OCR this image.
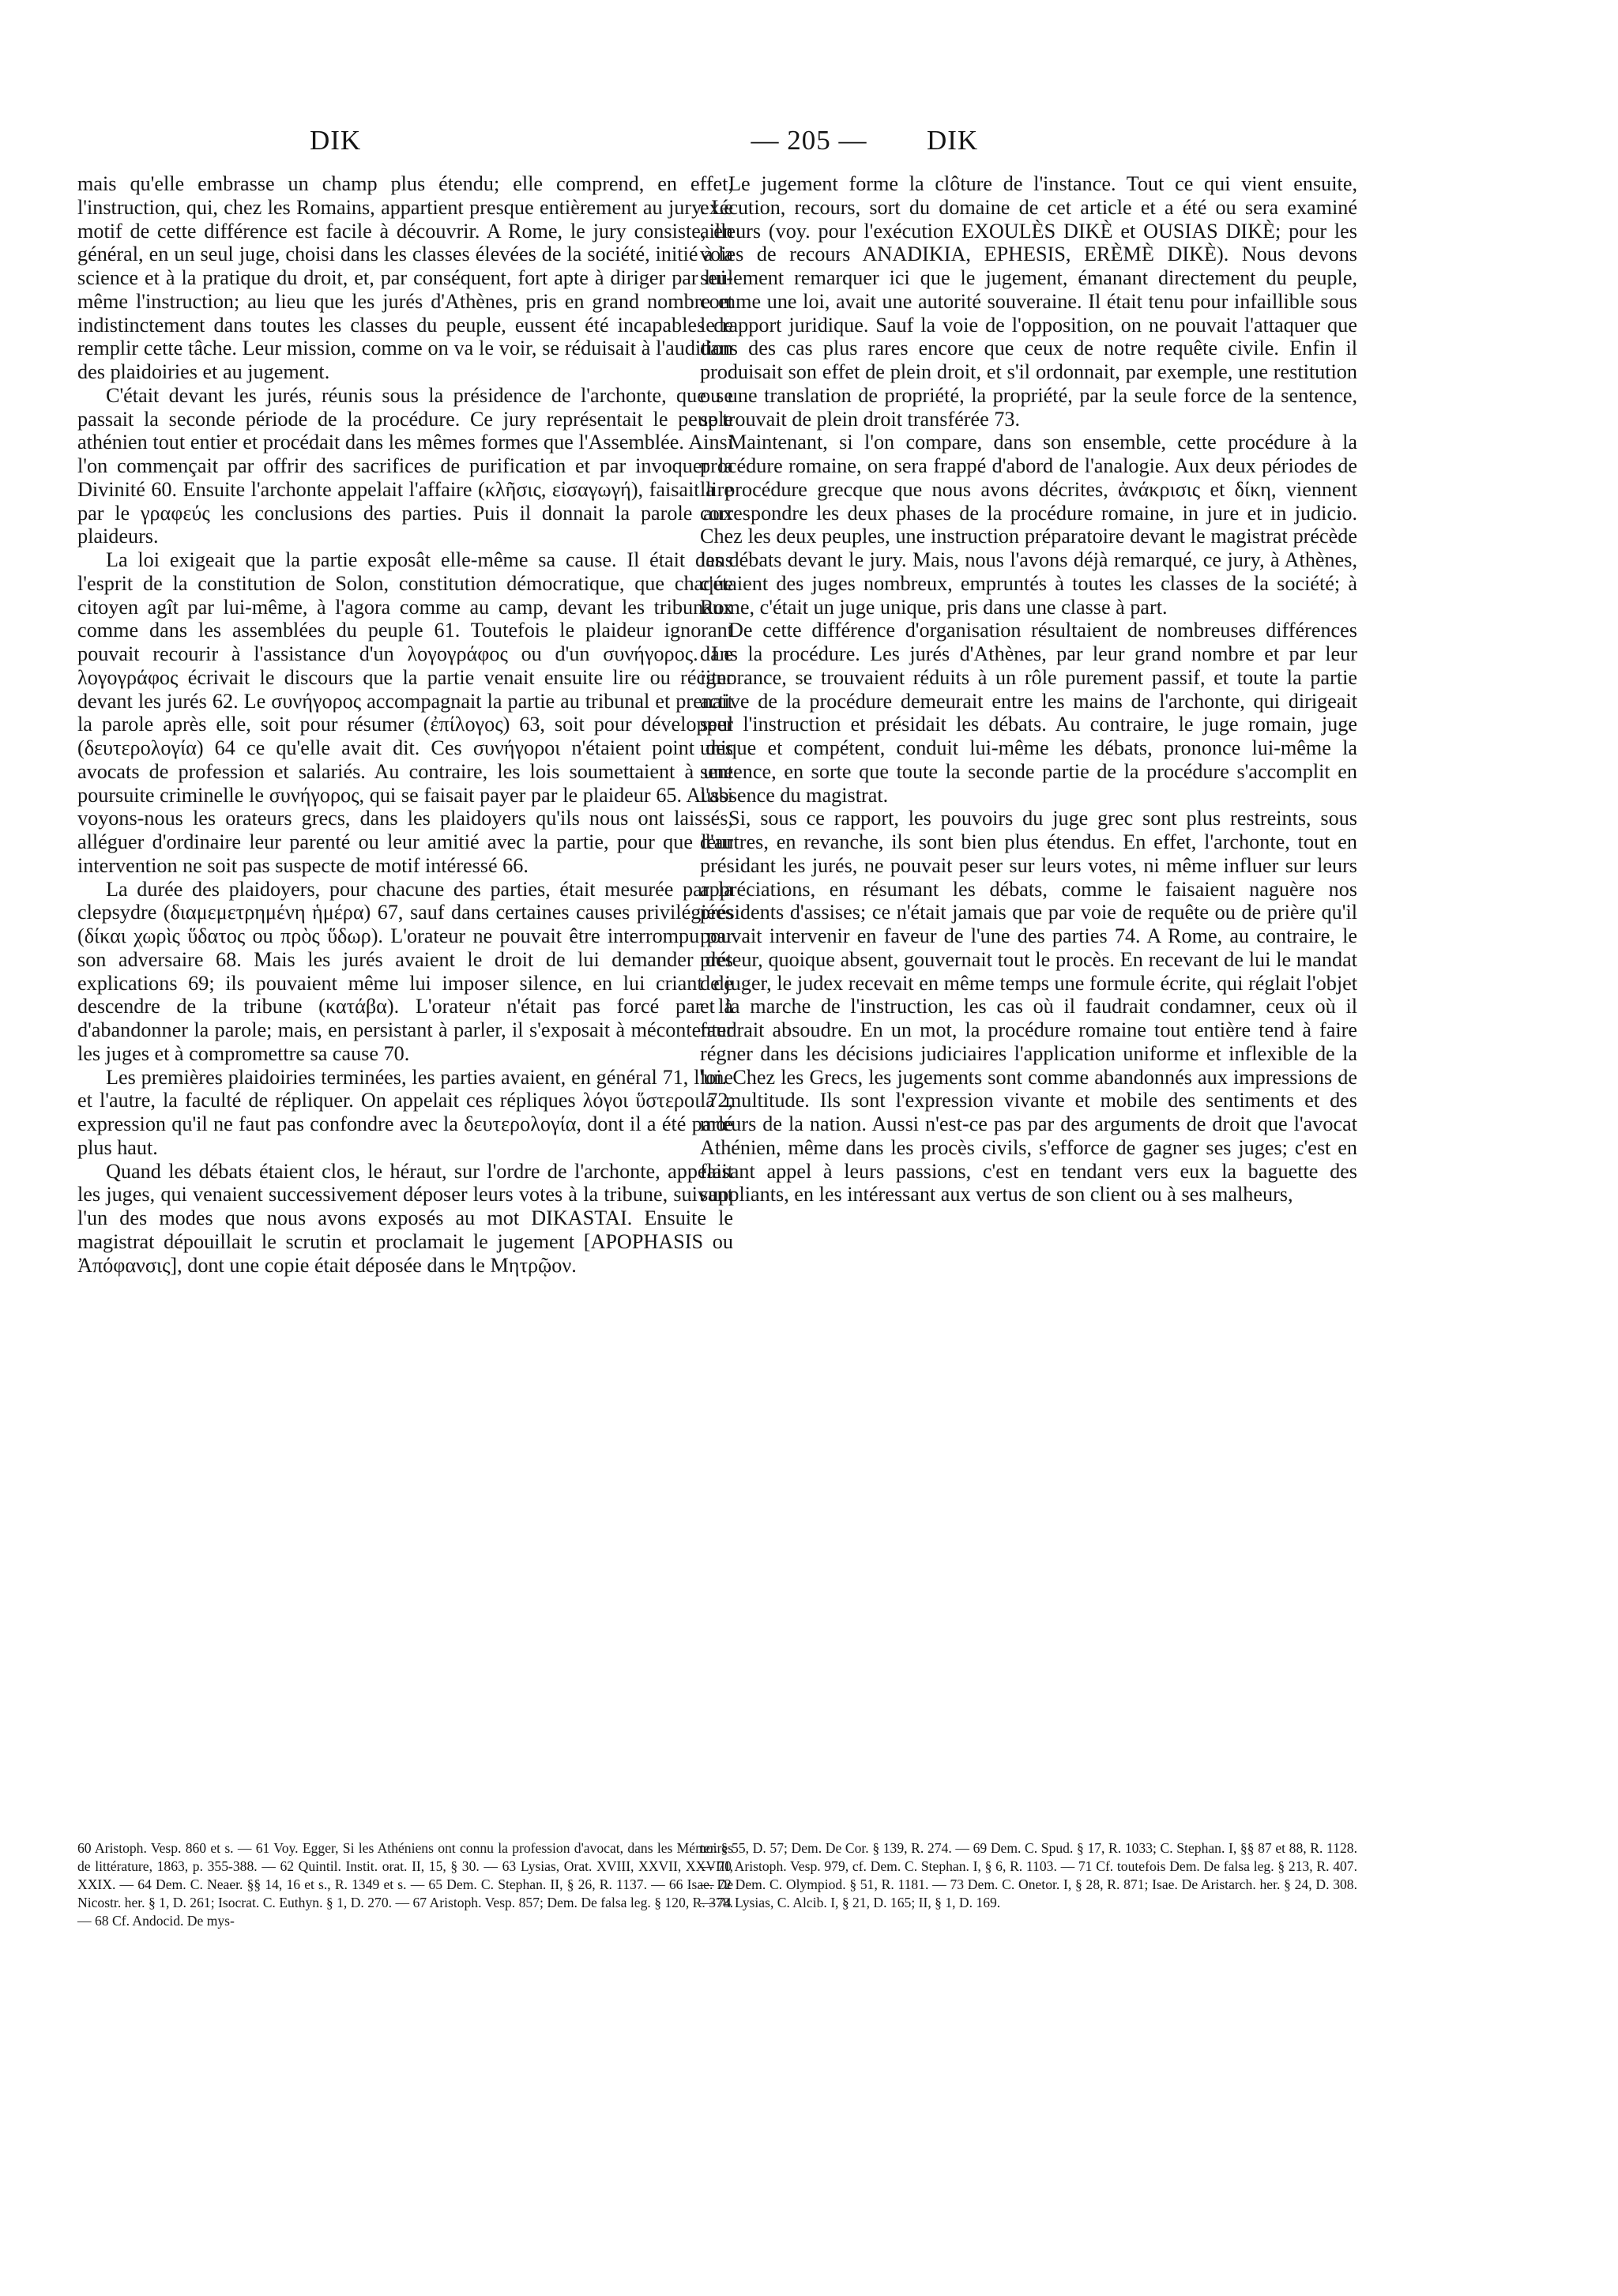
DIK	— 205 —	DIK

mais qu'elle embrasse un champ plus étendu; elle comprend, en effet, l'instruction, qui, chez les Romains, appartient presque entièrement au jury. Le motif de cette différence est facile à découvrir. A Rome, le jury consiste, en général, en un seul juge, choisi dans les classes élevées de la société, initié à la science et à la pratique du droit, et, par conséquent, fort apte à diriger par lui-même l'instruction; au lieu que les jurés d'Athènes, pris en grand nombre et indistinctement dans toutes les classes du peuple, eussent été incapables de remplir cette tâche. Leur mission, comme on va le voir, se réduisait à l'audition des plaidoiries et au jugement.

C'était devant les jurés, réunis sous la présidence de l'archonte, que se passait la seconde période de la procédure. Ce jury représentait le peuple athénien tout entier et procédait dans les mêmes formes que l'Assemblée. Ainsi l'on commençait par offrir des sacrifices de purification et par invoquer la Divinité 60. Ensuite l'archonte appelait l'affaire (κλῆσις, εἰσαγωγή), faisait lire par le γραφεύς les conclusions des parties. Puis il donnait la parole aux plaideurs.

La loi exigeait que la partie exposât elle-même sa cause. Il était dans l'esprit de la constitution de Solon, constitution démocratique, que chaque citoyen agît par lui-même, à l'agora comme au camp, devant les tribunaux comme dans les assemblées du peuple 61. Toutefois le plaideur ignorant pouvait recourir à l'assistance d'un λογογράφος ou d'un συνήγορος. Le λογογράφος écrivait le discours que la partie venait ensuite lire ou réciter devant les jurés 62. Le συνήγορος accompagnait la partie au tribunal et prenait la parole après elle, soit pour résumer (ἐπίλογος) 63, soit pour développer (δευτερολογία) 64 ce qu'elle avait dit. Ces συνήγοροι n'étaient point des avocats de profession et salariés. Au contraire, les lois soumettaient à une poursuite criminelle le συνήγορος, qui se faisait payer par le plaideur 65. Aussi voyons-nous les orateurs grecs, dans les plaidoyers qu'ils nous ont laissés, alléguer d'ordinaire leur parenté ou leur amitié avec la partie, pour que leur intervention ne soit pas suspecte de motif intéressé 66.

La durée des plaidoyers, pour chacune des parties, était mesurée par la clepsydre (διαμεμετρημένη ἡμέρα) 67, sauf dans certaines causes privilégiées (δίκαι χωρὶς ὕδατος ou πρὸς ὕδωρ). L'orateur ne pouvait être interrompu par son adversaire 68. Mais les jurés avaient le droit de lui demander des explications 69; ils pouvaient même lui imposer silence, en lui criant de descendre de la tribune (κατάβα). L'orateur n'était pas forcé par là d'abandonner la parole; mais, en persistant à parler, il s'exposait à mécontenter les juges et à compromettre sa cause 70.

Les premières plaidoiries terminées, les parties avaient, en général 71, l'une et l'autre, la faculté de répliquer. On appelait ces répliques λόγοι ὕστεροι 72, expression qu'il ne faut pas confondre avec la δευτερολογία, dont il a été parlé plus haut.

Quand les débats étaient clos, le héraut, sur l'ordre de l'archonte, appelait les juges, qui venaient successivement déposer leurs votes à la tribune, suivant l'un des modes que nous avons exposés au mot DIKASTAI. Ensuite le magistrat dépouillait le scrutin et proclamait le jugement [APOPHASIS ou Ἀπόφανσις], dont une copie était déposée dans le Μητρῷον.

Le jugement forme la clôture de l'instance. Tout ce qui vient ensuite, exécution, recours, sort du domaine de cet article et a été ou sera examiné ailleurs (voy. pour l'exécution EXOULÈS DIKÈ et OUSIAS DIKÈ; pour les voies de recours ANADIKIA, EPHESIS, ERÈMÈ DIKÈ). Nous devons seulement remarquer ici que le jugement, émanant directement du peuple, comme une loi, avait une autorité souveraine. Il était tenu pour infaillible sous le rapport juridique. Sauf la voie de l'opposition, on ne pouvait l'attaquer que dans des cas plus rares encore que ceux de notre requête civile. Enfin il produisait son effet de plein droit, et s'il ordonnait, par exemple, une restitution ou une translation de propriété, la propriété, par la seule force de la sentence, se trouvait de plein droit transférée 73.

Maintenant, si l'on compare, dans son ensemble, cette procédure à la procédure romaine, on sera frappé d'abord de l'analogie. Aux deux périodes de la procédure grecque que nous avons décrites, ἀνάκρισις et δίκη, viennent correspondre les deux phases de la procédure romaine, in jure et in judicio. Chez les deux peuples, une instruction préparatoire devant le magistrat précède les débats devant le jury. Mais, nous l'avons déjà remarqué, ce jury, à Athènes, c'étaient des juges nombreux, empruntés à toutes les classes de la société; à Rome, c'était un juge unique, pris dans une classe à part.

De cette différence d'organisation résultaient de nombreuses différences dans la procédure. Les jurés d'Athènes, par leur grand nombre et par leur ignorance, se trouvaient réduits à un rôle purement passif, et toute la partie active de la procédure demeurait entre les mains de l'archonte, qui dirigeait seul l'instruction et présidait les débats. Au contraire, le juge romain, juge unique et compétent, conduit lui-même les débats, prononce lui-même la sentence, en sorte que toute la seconde partie de la procédure s'accomplit en l'absence du magistrat.

Si, sous ce rapport, les pouvoirs du juge grec sont plus restreints, sous d'autres, en revanche, ils sont bien plus étendus. En effet, l'archonte, tout en présidant les jurés, ne pouvait peser sur leurs votes, ni même influer sur leurs appréciations, en résumant les débats, comme le faisaient naguère nos présidents d'assises; ce n'était jamais que par voie de requête ou de prière qu'il pouvait intervenir en faveur de l'une des parties 74. A Rome, au contraire, le préteur, quoique absent, gouvernait tout le procès. En recevant de lui le mandat de juger, le judex recevait en même temps une formule écrite, qui réglait l'objet et la marche de l'instruction, les cas où il faudrait condamner, ceux où il faudrait absoudre. En un mot, la procédure romaine tout entière tend à faire régner dans les décisions judiciaires l'application uniforme et inflexible de la loi. Chez les Grecs, les jugements sont comme abandonnés aux impressions de la multitude. Ils sont l'expression vivante et mobile des sentiments et des mœurs de la nation. Aussi n'est-ce pas par des arguments de droit que l'avocat Athénien, même dans les procès civils, s'efforce de gagner ses juges; c'est en faisant appel à leurs passions, c'est en tendant vers eux la baguette des suppliants, en les intéressant aux vertus de son client ou à ses malheurs,

60 Aristoph. Vesp. 860 et s. — 61 Voy. Egger, Si les Athéniens ont connu la profession d'avocat, dans les Mémoires de littérature, 1863, p. 355-388. — 62 Quintil. Instit. orat. II, 15, § 30. — 63 Lysias, Orat. XVIII, XXVII, XXVIII, XXIX. — 64 Dem. C. Neaer. §§ 14, 16 et s., R. 1349 et s. — 65 Dem. C. Stephan. II, § 26, R. 1137. — 66 Isae. De Nicostr. her. § 1, D. 261; Isocrat. C. Euthyn. § 1, D. 270. — 67 Aristoph. Vesp. 857; Dem. De falsa leg. § 120, R. 378. — 68 Cf. Andocid. De mys-

ter. § 55, D. 57; Dem. De Cor. § 139, R. 274. — 69 Dem. C. Spud. § 17, R. 1033; C. Stephan. I, §§ 87 et 88, R. 1128. — 70 Aristoph. Vesp. 979, cf. Dem. C. Stephan. I, § 6, R. 1103. — 71 Cf. toutefois Dem. De falsa leg. § 213, R. 407. — 72 Dem. C. Olympiod. § 51, R. 1181. — 73 Dem. C. Onetor. I, § 28, R. 871; Isae. De Aristarch. her. § 24, D. 308. — 74 Lysias, C. Alcib. I, § 21, D. 165; II, § 1, D. 169.
